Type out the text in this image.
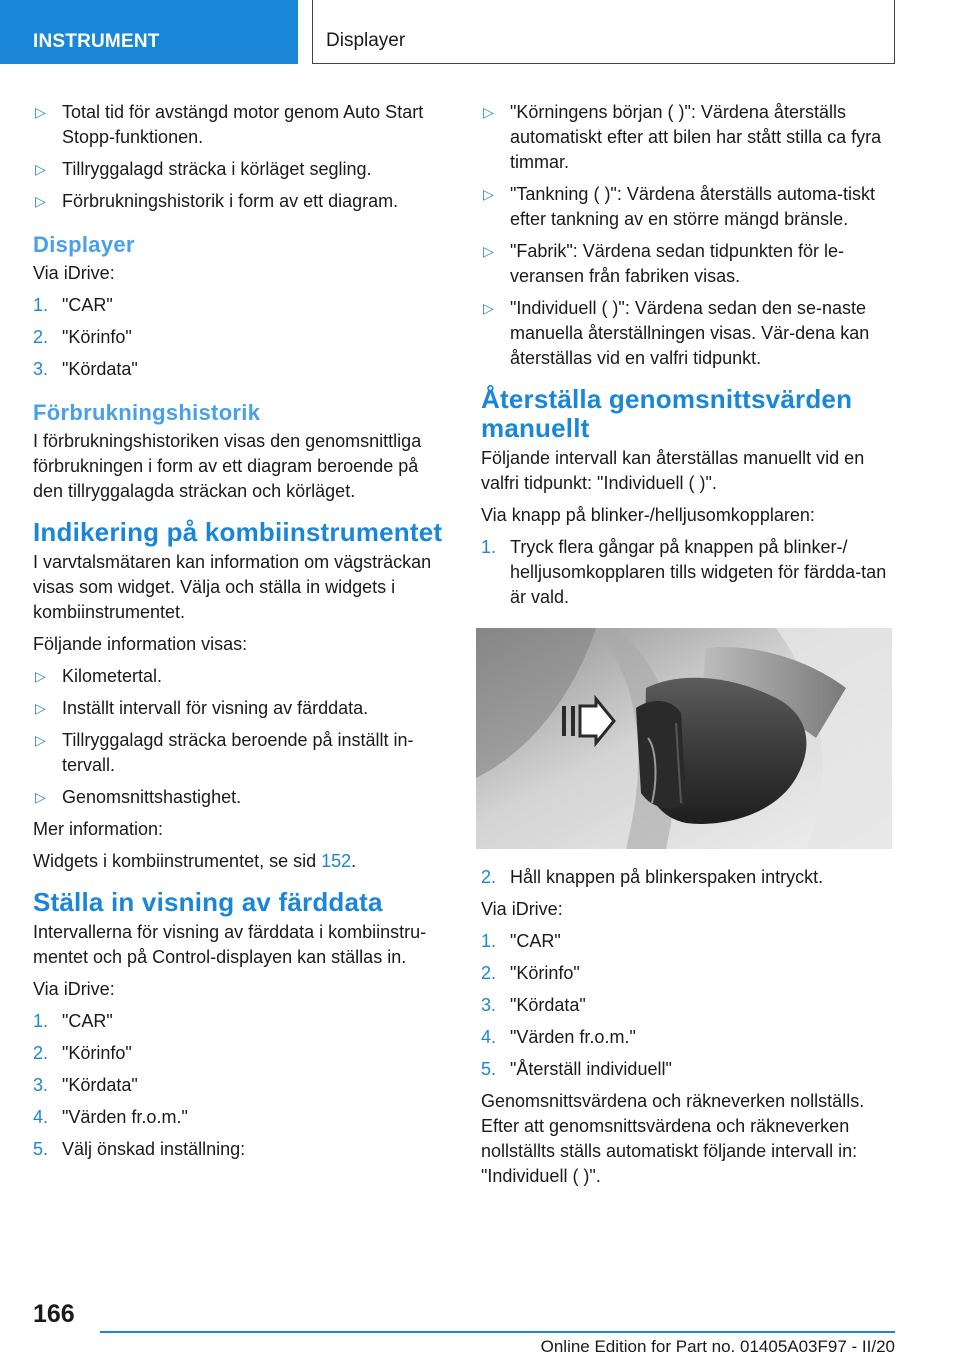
INSTRUMENT	Displayer
▷ Total tid för avstängd motor genom Auto Start Stopp-funktionen.
▷ Tillryggalagd sträcka i körläget segling.
▷ Förbrukningshistorik i form av ett diagram.
Displayer
Via iDrive:
1. "CAR"
2. "Körinfo"
3. "Kördata"
Förbrukningshistorik
I förbrukningshistoriken visas den genomsnittliga förbrukningen i form av ett diagram beroende på den tillryggalagda sträckan och körläget.
Indikering på kombiinstrumentet
I varvtalsmätaren kan information om vägsträckan visas som widget. Välja och ställa in widgets i kombiinstrumentet.
Följande information visas:
▷ Kilometertal.
▷ Inställt intervall för visning av färddata.
▷ Tillryggalagd sträcka beroende på inställt in-tervall.
▷ Genomsnittshastighet.
Mer information:
Widgets i kombiinstrumentet, se sid 152.
Ställa in visning av färddata
Intervallerna för visning av färddata i kombiinstru-mentet och på Control-displayen kan ställas in.
Via iDrive:
1. "CAR"
2. "Körinfo"
3. "Kördata"
4. "Värden fr.o.m."
5. Välj önskad inställning:
▷ "Körningens början ( )": Värdena återställs automatiskt efter att bilen har stått stilla ca fyra timmar.
▷ "Tankning ( )": Värdena återställs automa-tiskt efter tankning av en större mängd bränsle.
▷ "Fabrik": Värdena sedan tidpunkten för le-veransen från fabriken visas.
▷ "Individuell ( )": Värdena sedan den se-naste manuella återställningen visas. Vär-dena kan återställas vid en valfri tidpunkt.
Återställa genomsnittsvärden manuellt
Följande intervall kan återställas manuellt vid en valfri tidpunkt: "Individuell ( )".
Via knapp på blinker-/helljusomkopplaren:
1. Tryck flera gångar på knappen på blinker-/ helljusomkopplaren tills widgeten för färdda-tan är vald.
2. Håll knappen på blinkerspaken intryckt.
Via iDrive:
1. "CAR"
2. "Körinfo"
3. "Kördata"
4. "Värden fr.o.m."
5. "Återställ individuell"
Genomsnittsvärdena och räkneverken nollställs. Efter att genomsnittsvärdena och räkneverken nollställts ställs automatiskt följande intervall in: "Individuell ( )".
166
Online Edition for Part no. 01405A03F97 - II/20
